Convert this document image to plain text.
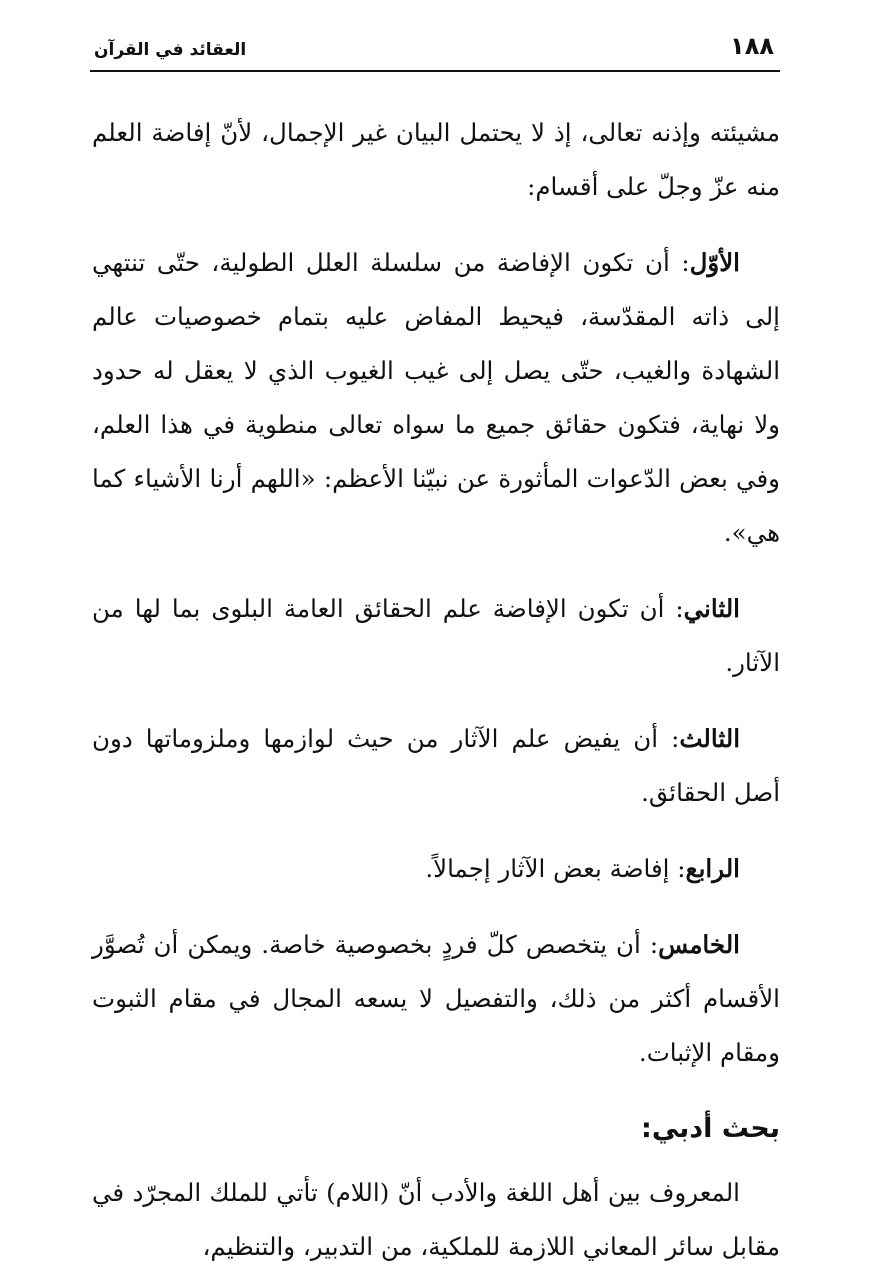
١٨٨
العقائد في القرآن

مشيئته وإذنه تعالى، إذ لا يحتمل البيان غير الإجمال، لأنّ إفاضة العلم منه عزّ وجلّ على أقسام:

الأوّل: أن تكون الإفاضة من سلسلة العلل الطولية، حتّى تنتهي إلى ذاته المقدّسة، فيحيط المفاض عليه بتمام خصوصيات عالم الشهادة والغيب، حتّى يصل إلى غيب الغيوب الذي لا يعقل له حدود ولا نهاية، فتكون حقائق جميع ما سواه تعالى منطوية في هذا العلم، وفي بعض الدّعوات المأثورة عن نبيّنا الأعظم: «اللهم أرنا الأشياء كما هي».

الثاني: أن تكون الإفاضة علم الحقائق العامة البلوى بما لها من الآثار.

الثالث: أن يفيض علم الآثار من حيث لوازمها وملزوماتها دون أصل الحقائق.

الرابع: إفاضة بعض الآثار إجمالاً.

الخامس: أن يتخصص كلّ فردٍ بخصوصية خاصة. ويمكن أن تُصوَّر الأقسام أكثر من ذلك، والتفصيل لا يسعه المجال في مقام الثبوت ومقام الإثبات.

بحث أدبي:

المعروف بين أهل اللغة والأدب أنّ (اللام) تأتي للملك المجرّد في مقابل سائر المعاني اللازمة للملكية، من التدبير، والتنظيم،
